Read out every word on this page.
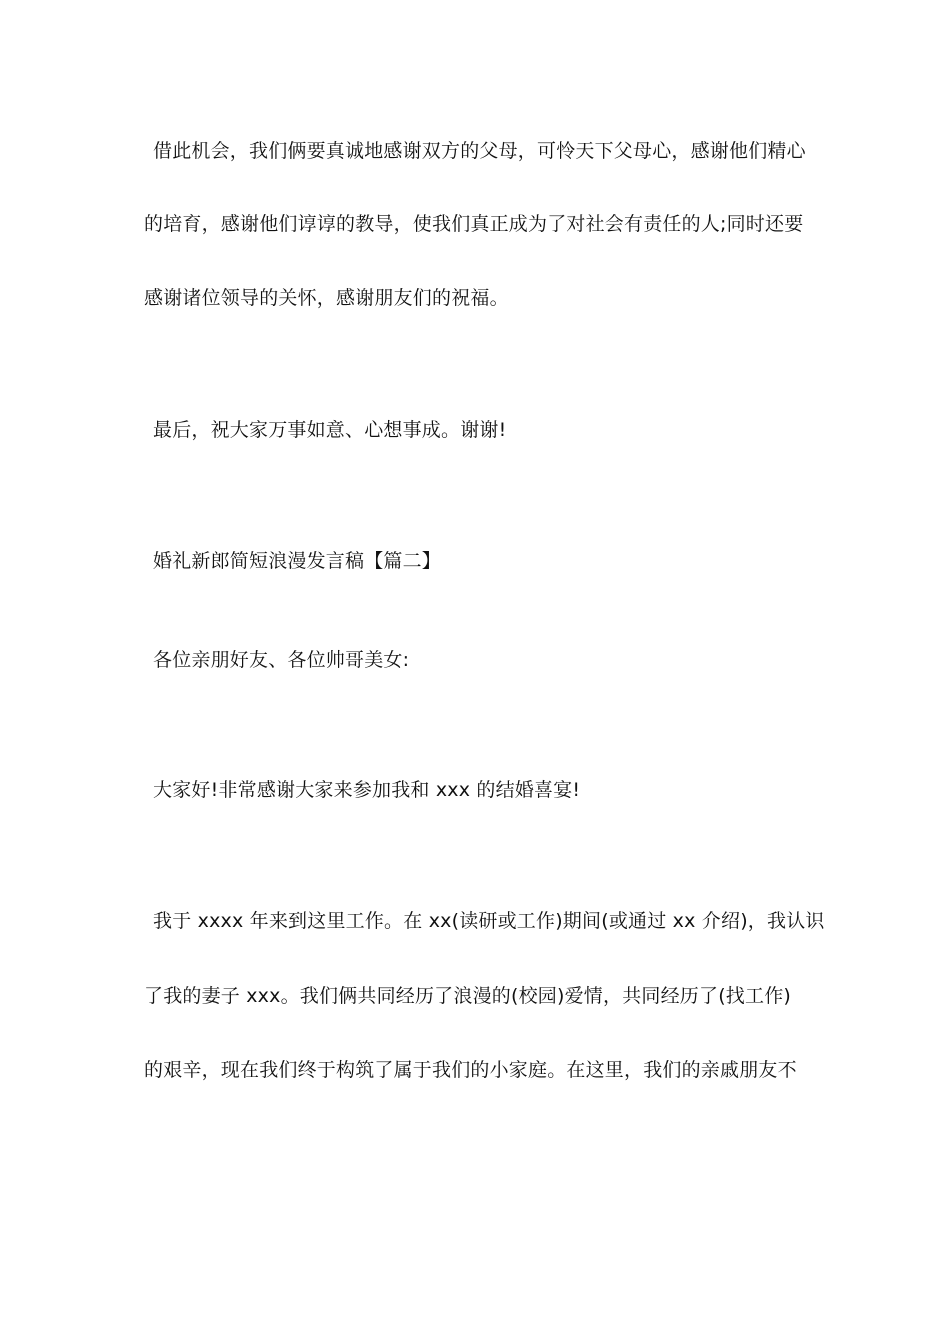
借此机会，我们俩要真诚地感谢双方的父母，可怜天下父母心，感谢他们精心
的培育，感谢他们谆谆的教导，使我们真正成为了对社会有责任的人;同时还要
感谢诸位领导的关怀，感谢朋友们的祝福。
最后，祝大家万事如意、心想事成。谢谢!
婚礼新郎简短浪漫发言稿【篇二】
各位亲朋好友、各位帅哥美女:
大家好!非常感谢大家来参加我和 xxx 的结婚喜宴!
我于 xxxx 年来到这里工作。在 xx(读研或工作)期间(或通过 xx 介绍)，我认识
了我的妻子 xxx。我们俩共同经历了浪漫的(校园)爱情，共同经历了(找工作)
的艰辛，现在我们终于构筑了属于我们的小家庭。在这里，我们的亲戚朋友不
